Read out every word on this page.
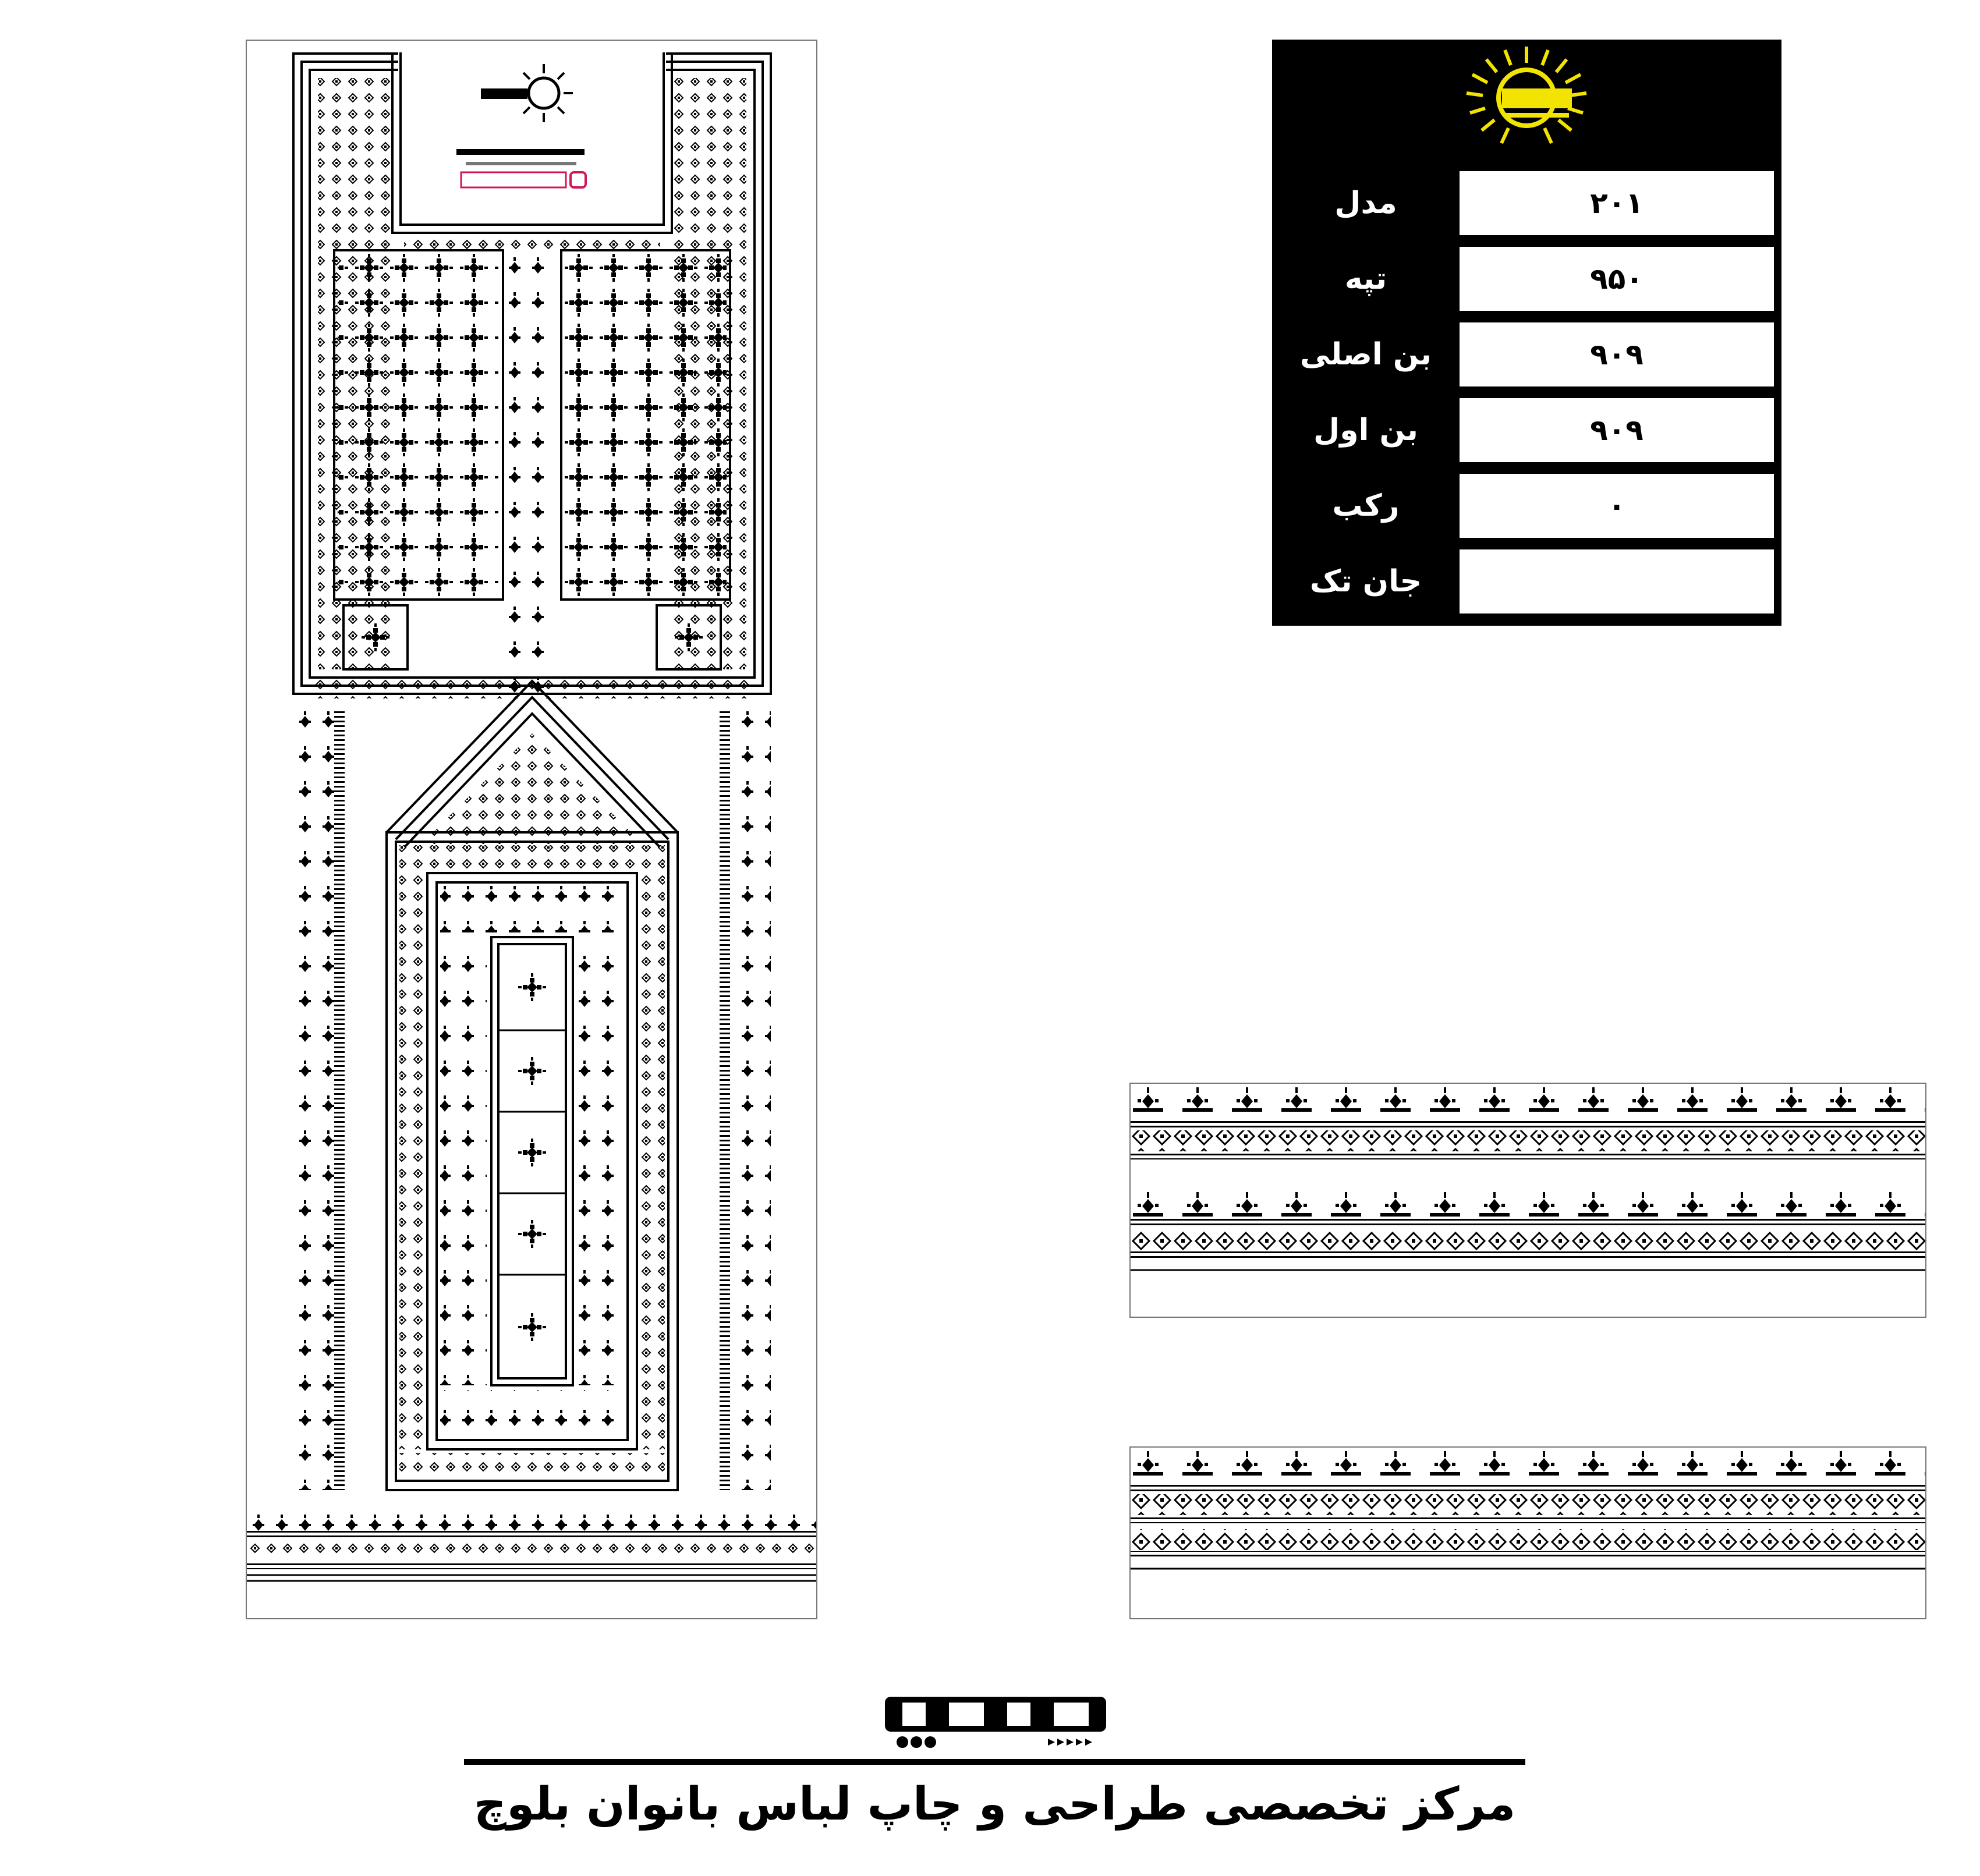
مدل	۲۰۱
تپه	۹۵۰
بن اصلی	۹۰۹
بن اول	۹۰۹
رکب	۰
جان تک
مرکز تخصصی طراحی و چاپ لباس بانوان بلوچ
